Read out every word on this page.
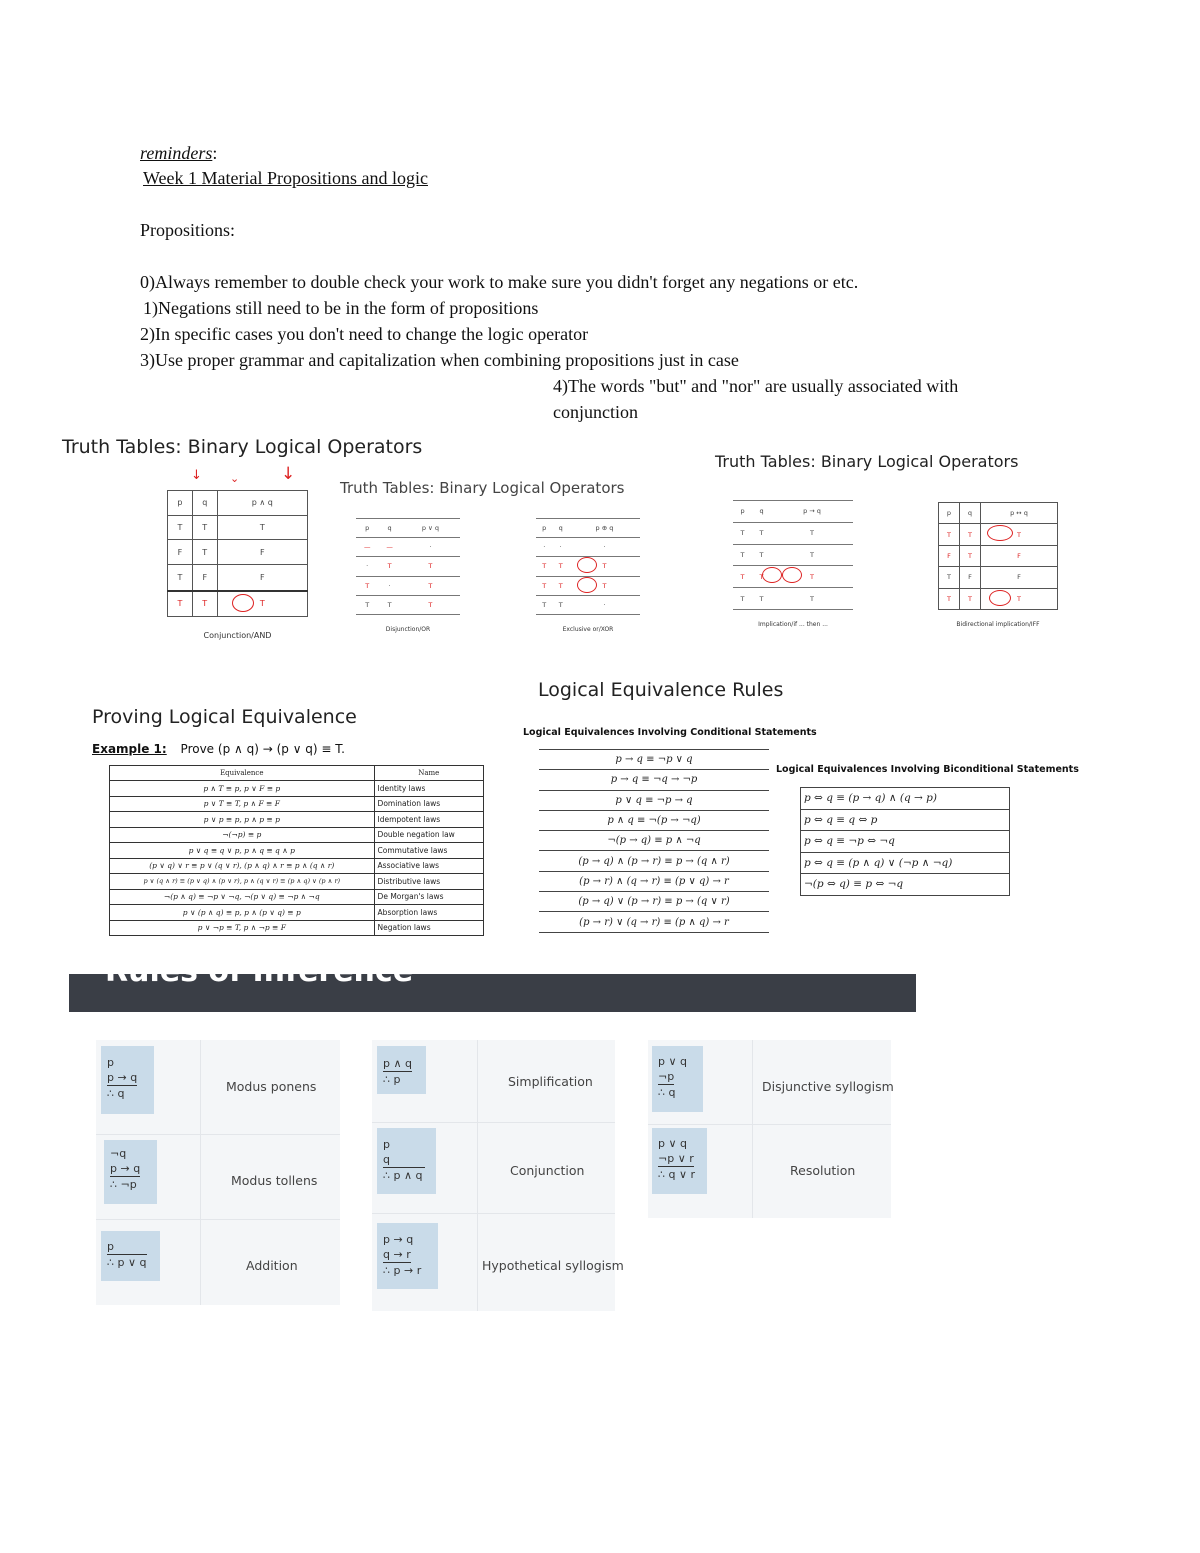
reminders:
Week 1 Material Propositions and logic
Propositions:
0)Always remember to double check your work to make sure you didn't forget any negations or etc.
1)Negations still need to be in the form of propositions
2)In specific cases you don't need to change the logic operator
3)Use proper grammar and capitalization when combining propositions just in case
4)The words "but" and "nor" are usually associated with
conjunction
Truth Tables: Binary Logical Operators
Truth Tables: Binary Logical Operators
Truth Tables: Binary Logical Operators
↓	⌄ ↓
p	q	p ∧ q
T	T	T
F	T	F
T	F	F
T	T	T
Conjunction/AND
p	q	p ∨ q
—	—	·
·	T	T
T	·	T
T	T	T
Disjunction/OR
p	q	p ⊕ q
·	·	·
T	T	T

T	T	T

T	T	·
Exclusive or/XOR
p	q	p → q
T	T	T
T	T	T
T	T	T

T	T	T
Implication/if ... then ...
p	q	p ↔ q
T	T	T

F	T	F
T	F	F
T	T	T
Bidirectional implication/IFF
Proving Logical Equivalence
Example 1: Prove (p ∧ q) → (p ∨ q) ≡ T.
Equivalence	Name
p ∧ T ≡ p, p ∨ F ≡ p	Identity laws
p ∨ T ≡ T, p ∧ F ≡ F	Domination laws
p ∨ p ≡ p, p ∧ p ≡ p	Idempotent laws
¬(¬p) ≡ p	Double negation law
p ∨ q ≡ q ∨ p, p ∧ q ≡ q ∧ p	Commutative laws
(p ∨ q) ∨ r ≡ p ∨ (q ∨ r), (p ∧ q) ∧ r ≡ p ∧ (q ∧ r)	Associative laws
p ∨ (q ∧ r) ≡ (p ∨ q) ∧ (p ∨ r), p ∧ (q ∨ r) ≡ (p ∧ q) ∨ (p ∧ r)	Distributive laws
¬(p ∧ q) ≡ ¬p ∨ ¬q, ¬(p ∨ q) ≡ ¬p ∧ ¬q	De Morgan's laws
p ∨ (p ∧ q) ≡ p, p ∧ (p ∨ q) ≡ p	Absorption laws
p ∨ ¬p ≡ T, p ∧ ¬p ≡ F	Negation laws
Logical Equivalence Rules
Logical Equivalences Involving Conditional Statements
p → q ≡ ¬p ∨ q
p → q ≡ ¬q → ¬p
p ∨ q ≡ ¬p → q
p ∧ q ≡ ¬(p → ¬q)
¬(p → q) ≡ p ∧ ¬q
(p → q) ∧ (p → r) ≡ p → (q ∧ r)
(p → r) ∧ (q → r) ≡ (p ∨ q) → r
(p → q) ∨ (p → r) ≡ p → (q ∨ r)
(p → r) ∨ (q → r) ≡ (p ∧ q) → r
Logical Equivalences Involving Biconditional Statements
p ⇔ q ≡ (p → q) ∧ (q → p)
p ⇔ q ≡ q ⇔ p
p ⇔ q ≡ ¬p ⇔ ¬q
p ⇔ q ≡ (p ∧ q) ∨ (¬p ∧ ¬q)
¬(p ⇔ q) ≡ p ⇔ ¬q
Rules of Inference
p
p → q
∴ q	Modus ponens
¬q
p → q
∴ ¬p	Modus tollens
p
∴ p ∨ q	Addition
p ∧ q
∴ p	Simplification
p
q
∴ p ∧ q	Conjunction
p → q
q → r
∴ p → r	Hypothetical syllogism
p ∨ q
¬p
∴ q	Disjunctive syllogism
p ∨ q
¬p ∨ r
∴ q ∨ r	Resolution
